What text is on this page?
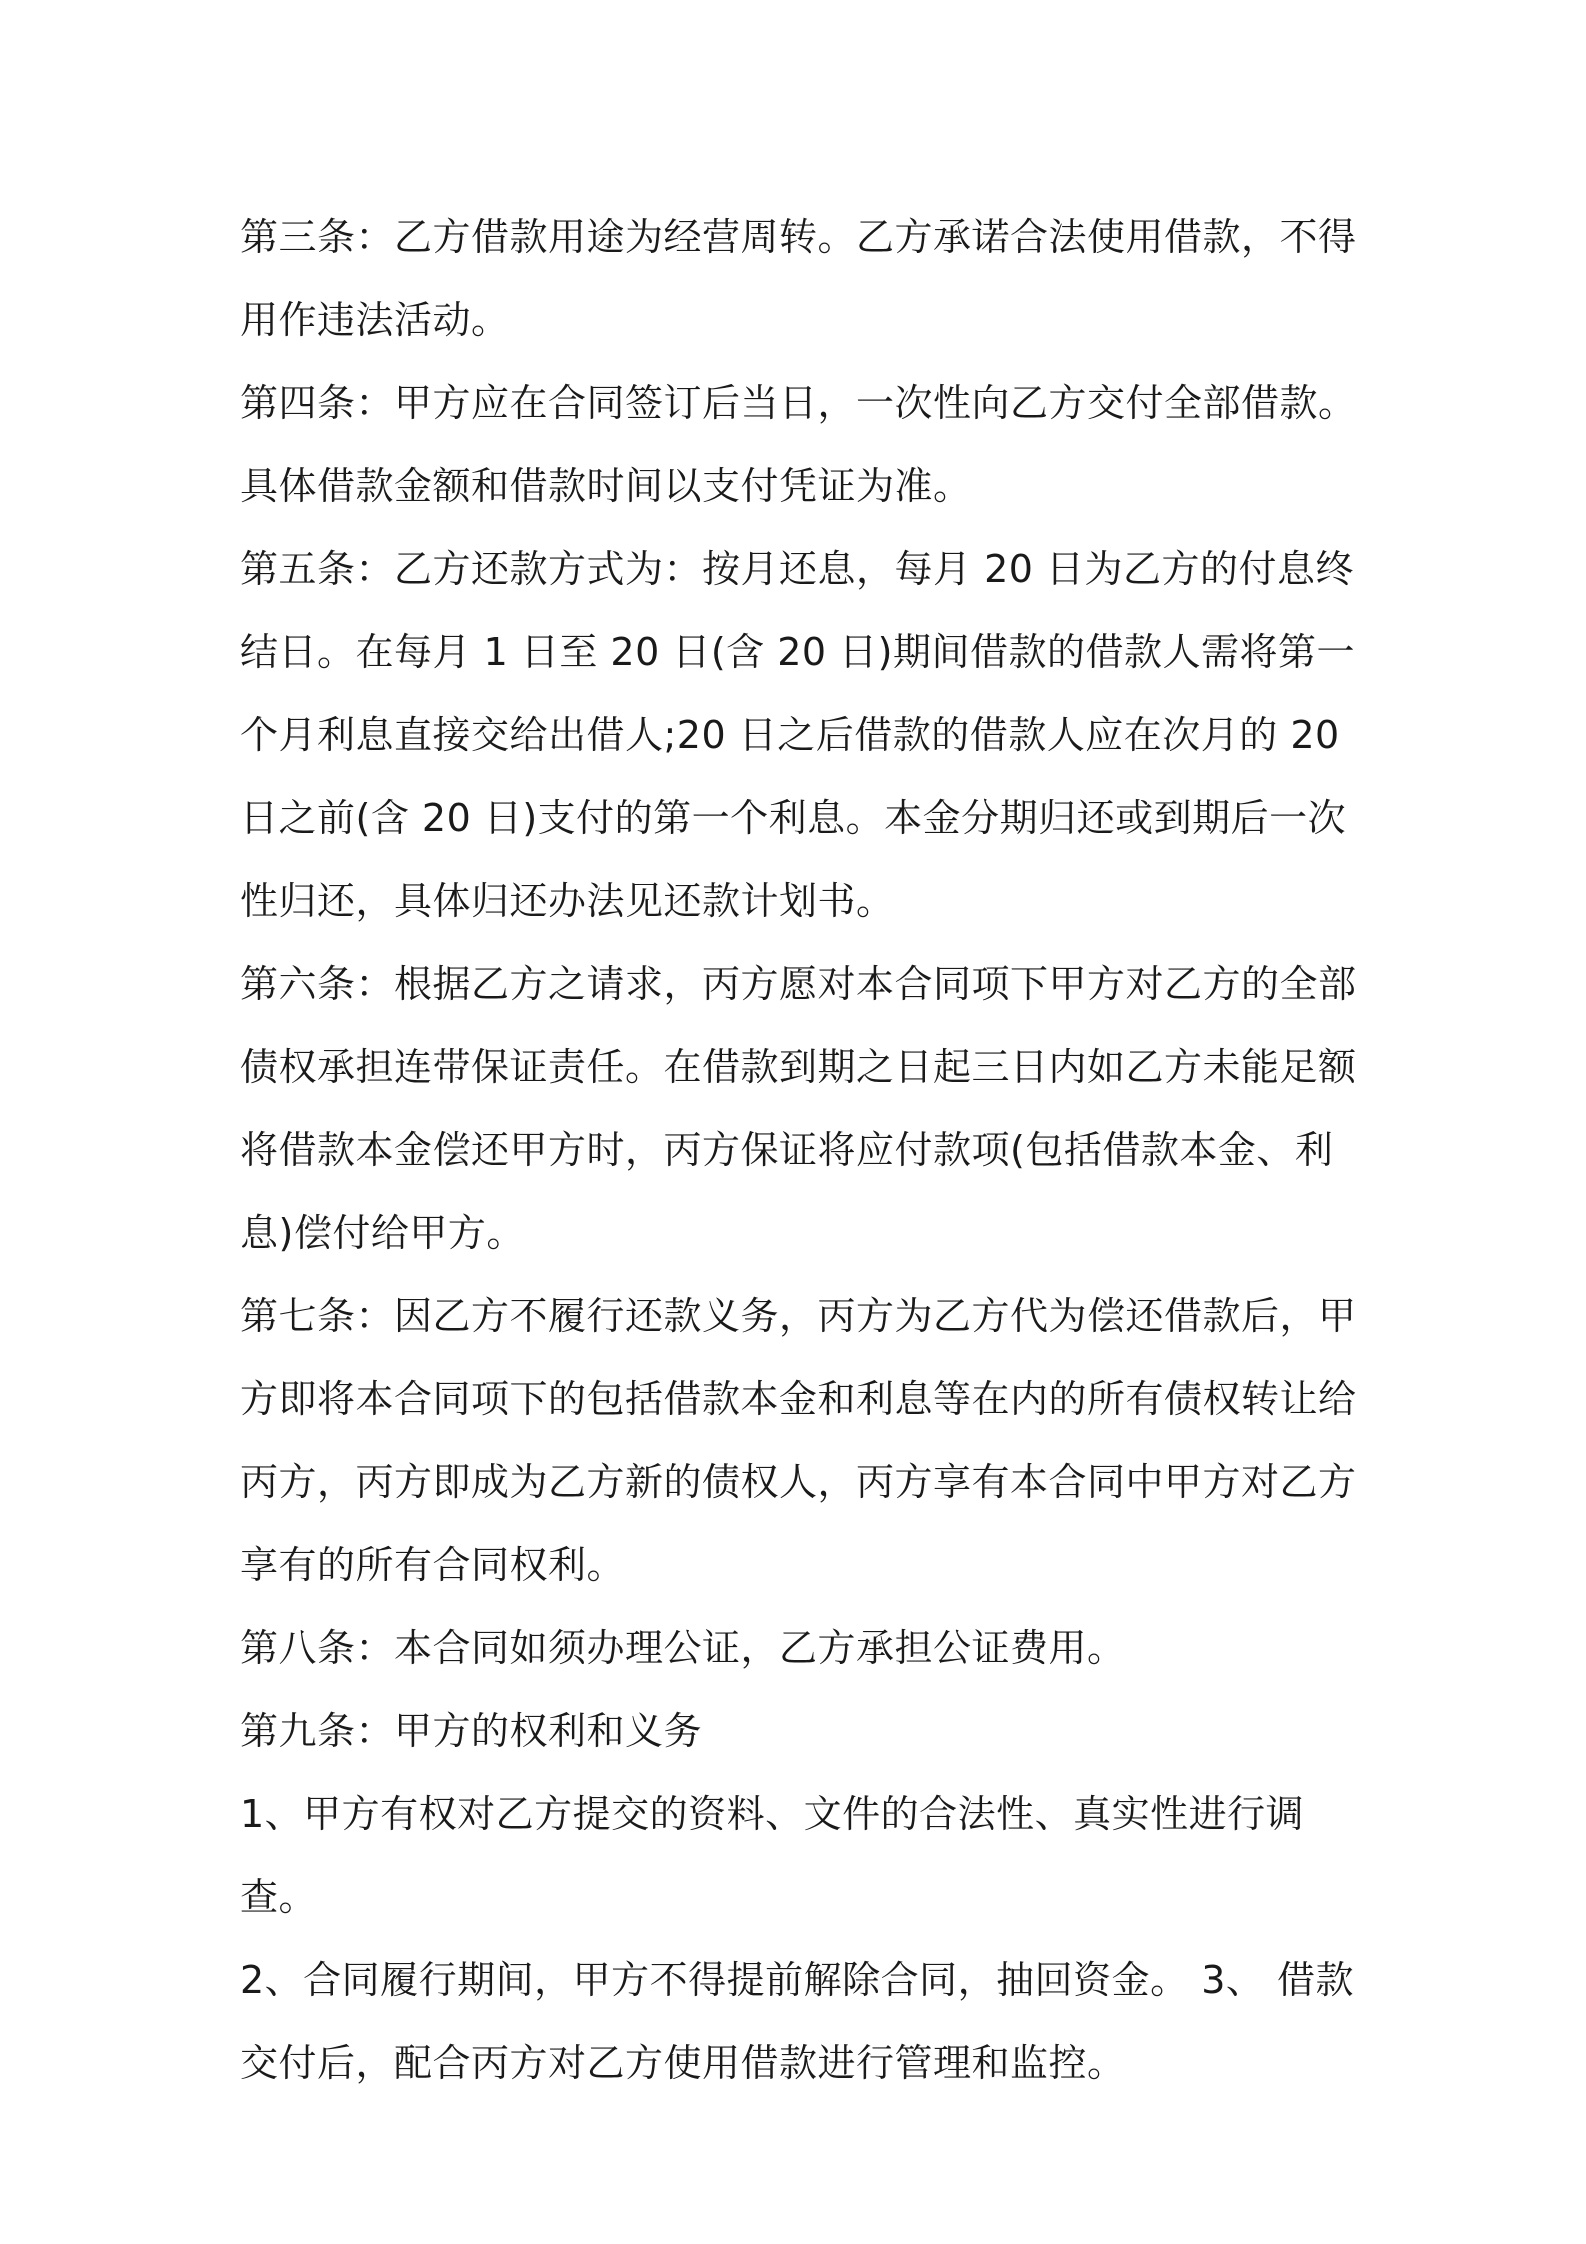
第三条：乙方借款用途为经营周转。乙方承诺合法使用借款，不得用作违法活动。

第四条：甲方应在合同签订后当日，一次性向乙方交付全部借款。具体借款金额和借款时间以支付凭证为准。

第五条：乙方还款方式为：按月还息，每月 20 日为乙方的付息终结日。在每月 1 日至 20 日(含 20 日)期间借款的借款人需将第一个月利息直接交给出借人;20 日之后借款的借款人应在次月的 20 日之前(含 20 日)支付的第一个利息。本金分期归还或到期后一次性归还，具体归还办法见还款计划书。

第六条：根据乙方之请求，丙方愿对本合同项下甲方对乙方的全部债权承担连带保证责任。在借款到期之日起三日内如乙方未能足额将借款本金偿还甲方时，丙方保证将应付款项(包括借款本金、利息)偿付给甲方。

第七条：因乙方不履行还款义务，丙方为乙方代为偿还借款后，甲方即将本合同项下的包括借款本金和利息等在内的所有债权转让给丙方，丙方即成为乙方新的债权人，丙方享有本合同中甲方对乙方享有的所有合同权利。

第八条：本合同如须办理公证，乙方承担公证费用。

第九条：甲方的权利和义务

1、甲方有权对乙方提交的资料、文件的合法性、真实性进行调查。

2、合同履行期间，甲方不得提前解除合同，抽回资金。 3、 借款交付后，配合丙方对乙方使用借款进行管理和监控。
